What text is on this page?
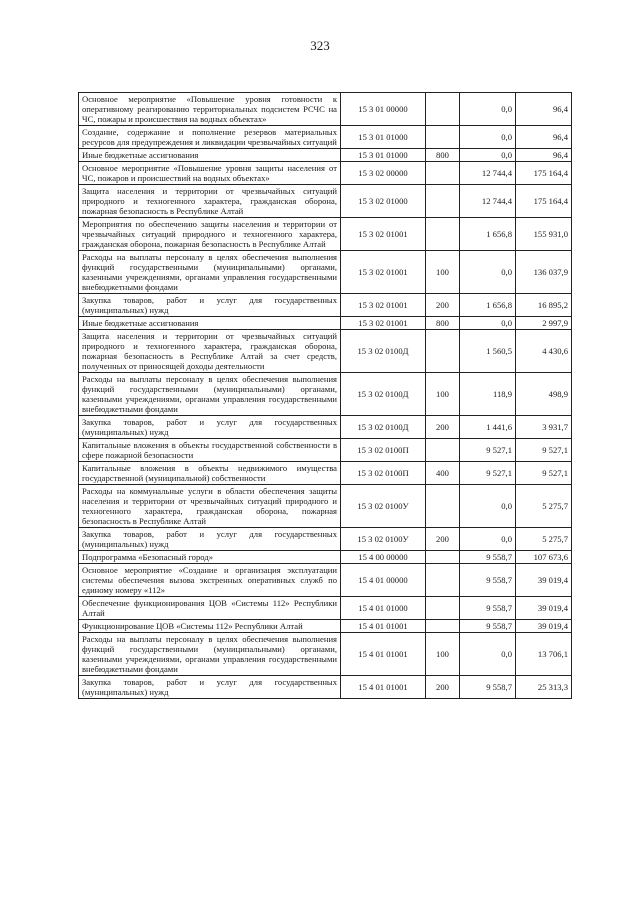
323
Основное мероприятие «Повышение уровня готовности к оперативному реагированию территориальных подсистем РСЧС на ЧС, пожары и происшествия на водных объектах»	15 3 01 00000		0,0	96,4
Создание, содержание и пополнение резервов материальных ресурсов для предупреждения и ликвидации чрезвычайных ситуаций	15 3 01 01000		0,0	96,4
Иные бюджетные ассигнования	15 3 01 01000	800	0,0	96,4
Основное мероприятие «Повышение уровня защиты населения от ЧС, пожаров и происшествий на водных объектах»	15 3 02 00000		12 744,4	175 164,4
Защита населения и территории от чрезвычайных ситуаций природного и техногенного характера, гражданская оборона, пожарная безопасность в Республике Алтай	15 3 02 01000		12 744,4	175 164,4
Мероприятия по обеспечению защиты населения и территории от чрезвычайных ситуаций природного и техногенного характера, гражданская оборона, пожарная безопасность в Республике Алтай	15 3 02 01001		1 656,8	155 931,0
Расходы на выплаты персоналу в целях обеспечения выполнения функций государственными (муниципальными) органами, казенными учреждениями, органами управления государственными внебюджетными фондами	15 3 02 01001	100	0,0	136 037,9
Закупка товаров, работ и услуг для государственных (муниципальных) нужд	15 3 02 01001	200	1 656,8	16 895,2
Иные бюджетные ассигнования	15 3 02 01001	800	0,0	2 997,9
Защита населения и территории от чрезвычайных ситуаций природного и техногенного характера, гражданская оборона, пожарная безопасность в Республике Алтай за счет средств, полученных от приносящей доходы деятельности	15 3 02 0100Д		1 560,5	4 430,6
Расходы на выплаты персоналу в целях обеспечения выполнения функций государственными (муниципальными) органами, казенными учреждениями, органами управления государственными внебюджетными фондами	15 3 02 0100Д	100	118,9	498,9
Закупка товаров, работ и услуг для государственных (муниципальных) нужд	15 3 02 0100Д	200	1 441,6	3 931,7
Капитальные вложения в объекты государственной собственности в сфере пожарной безопасности	15 3 02 0100П		9 527,1	9 527,1
Капитальные вложения в объекты недвижимого имущества государственной (муниципальной) собственности	15 3 02 0100П	400	9 527,1	9 527,1
Расходы на коммунальные услуги в области обеспечения защиты населения и территории от чрезвычайных ситуаций природного и техногенного характера, гражданская оборона, пожарная безопасность в Республике Алтай	15 3 02 0100У		0,0	5 275,7
Закупка товаров, работ и услуг для государственных (муниципальных) нужд	15 3 02 0100У	200	0,0	5 275,7
Подпрограмма «Безопасный город»	15 4 00 00000		9 558,7	107 673,6
Основное мероприятие «Создание и организация эксплуатации системы обеспечения вызова экстренных оперативных служб по единому номеру «112»	15 4 01 00000		9 558,7	39 019,4
Обеспечение функционирования ЦОВ «Системы 112» Республики Алтай	15 4 01 01000		9 558,7	39 019,4
Функционирование ЦОВ «Системы 112» Республики Алтай	15 4 01 01001		9 558,7	39 019,4
Расходы на выплаты персоналу в целях обеспечения выполнения функций государственными (муниципальными) органами, казенными учреждениями, органами управления государственными внебюджетными фондами	15 4 01 01001	100	0,0	13 706,1
Закупка товаров, работ и услуг для государственных (муниципальных) нужд	15 4 01 01001	200	9 558,7	25 313,3
